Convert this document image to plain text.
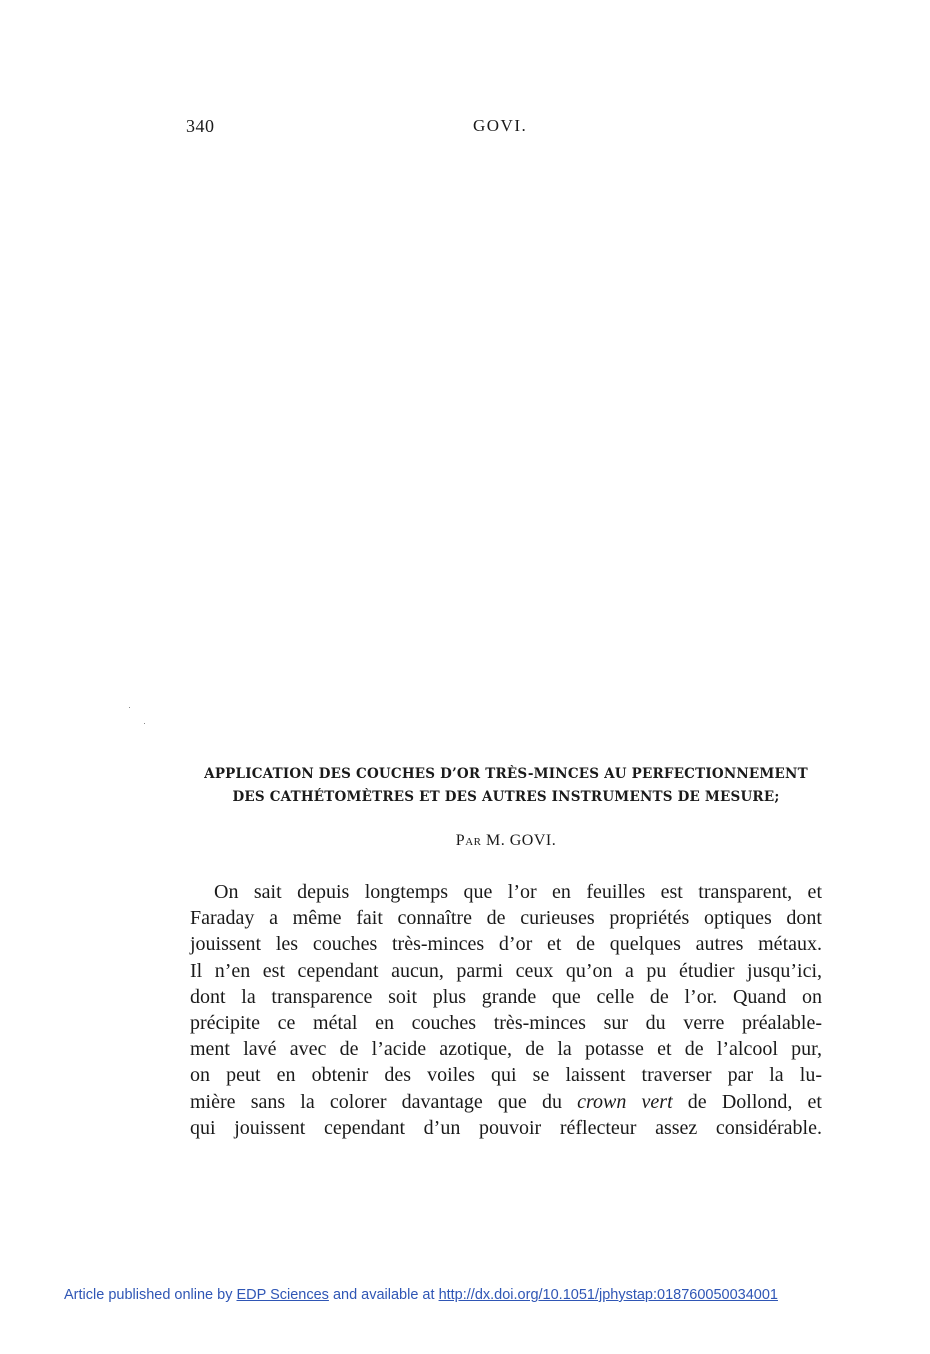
340	GOVI.
APPLICATION DES COUCHES D’OR TRÈS-MINCES AU PERFECTIONNEMENT
DES CATHÉTOMÈTRES ET DES AUTRES INSTRUMENTS DE MESURE;
Par M. GOVI.
On sait depuis longtemps que l’or en feuilles est transparent, et
Faraday a même fait connaître de curieuses propriétés optiques dont
jouissent les couches très-minces d’or et de quelques autres métaux.
Il n’en est cependant aucun, parmi ceux qu’on a pu étudier jusqu’ici,
dont la transparence soit plus grande que celle de l’or. Quand on
précipite ce métal en couches très-minces sur du verre préalable-
ment lavé avec de l’acide azotique, de la potasse et de l’alcool pur,
on peut en obtenir des voiles qui se laissent traverser par la lu-
mière sans la colorer davantage que du crown vert de Dollond, et
qui jouissent cependant d’un pouvoir réflecteur assez considérable.
Article published online by EDP Sciences and available at http://dx.doi.org/10.1051/jphystap:018760050034001
